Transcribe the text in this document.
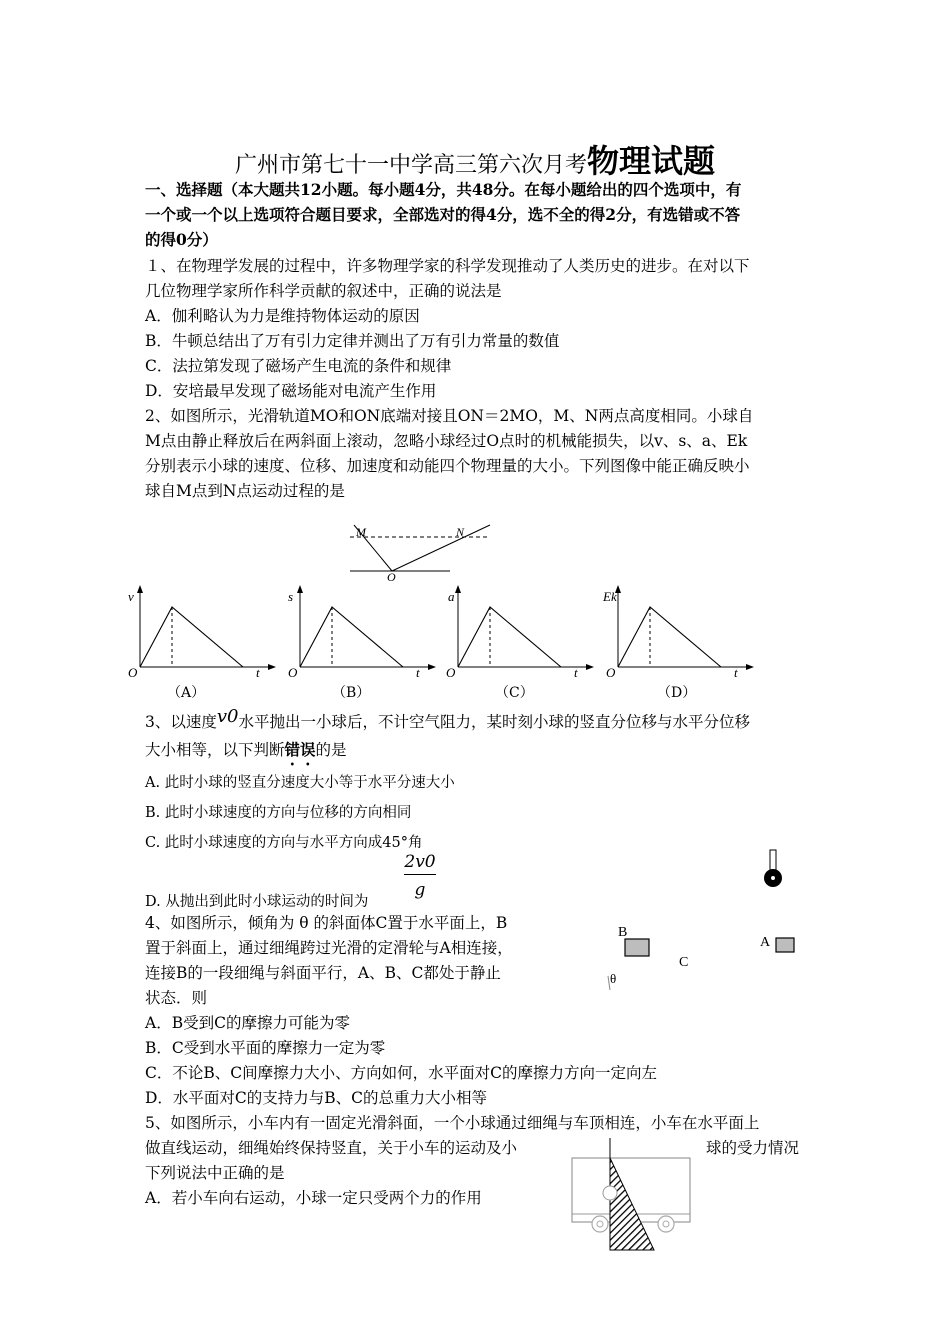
广州市第七十一中学高三第六次月考物理试题
一、选择题（本大题共12小题。每小题4分，共48分。在每小题给出的四个选项中，有
一个或一个以上选项符合题目要求，全部选对的得4分，选不全的得2分，有选错或不答
的得0分）
１、在物理学发展的过程中，许多物理学家的科学发现推动了人类历史的进步。在对以下
几位物理学家所作科学贡献的叙述中，正确的说法是
A．伽利略认为力是维持物体运动的原因
B．牛顿总结出了万有引力定律并测出了万有引力常量的数值
C．法拉第发现了磁场产生电流的条件和规律
D．安培最早发现了磁场能对电流产生作用
2、如图所示，光滑轨道MO和ON底端对接且ON＝2MO，M、N两点高度相同。小球自
M点由静止释放后在两斜面上滚动，忽略小球经过O点时的机械能损失，以v、s、a、Ek
分别表示小球的速度、位移、加速度和动能四个物理量的大小。下列图像中能正确反映小
球自M点到N点运动过程的是
M	N
O
v
O	t
（A）
s
O	t
（B）
a
O	t
（C）
Ek
O	t
（D）
3、以速度v0水平抛出一小球后，不计空气阻力，某时刻小球的竖直分位移与水平分位移
大小相等，以下判断错误的是
A. 此时小球的竖直分速度大小等于水平分速大小
B. 此时小球速度的方向与位移的方向相同
C. 此时小球速度的方向与水平方向成45°角
D. 从抛出到此时小球运动的时间为
2v0
g
4、如图所示，倾角为 θ 的斜面体C置于水平面上，B
置于斜面上，通过细绳跨过光滑的定滑轮与A相连接，
连接B的一段细绳与斜面平行，A、B、C都处于静止
状态．则
A．B受到C的摩擦力可能为零
B．C受到水平面的摩擦力一定为零
C．不论B、C间摩擦力大小、方向如何，水平面对C的摩擦力方向一定向左
D．水平面对C的支持力与B、C的总重力大小相等
B
A
C
θ
5、如图所示，小车内有一固定光滑斜面，一个小球通过细绳与车顶相连，小车在水平面上
做直线运动，细绳始终保持竖直，关于小车的运动及小	球的受力情况
下列说法中正确的是
A．若小车向右运动，小球一定只受两个力的作用
